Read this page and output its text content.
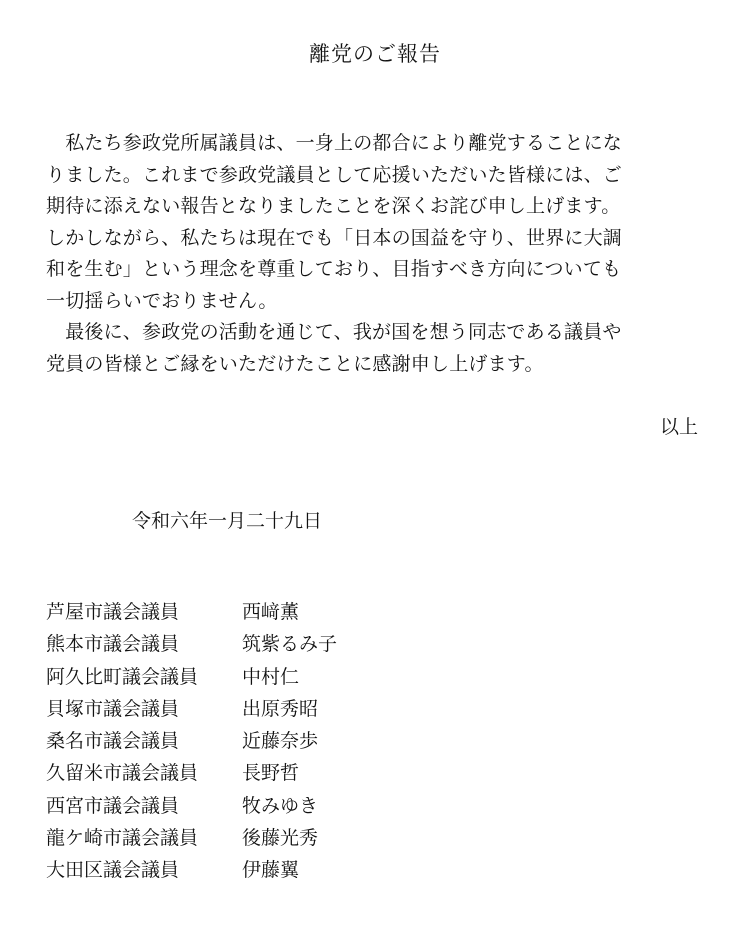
離党のご報告
　私たち参政党所属議員は、一身上の都合により離党することにな
りました。これまで参政党議員として応援いただいた皆様には、ご
期待に添えない報告となりましたことを深くお詫び申し上げます。
しかしながら、私たちは現在でも「日本の国益を守り、世界に大調
和を生む」という理念を尊重しており、目指すべき方向についても
一切揺らいでおりません。
　最後に、参政党の活動を通じて、我が国を想う同志である議員や
党員の皆様とご縁をいただけたことに感謝申し上げます。
以上
令和六年一月二十九日
芦屋市議会議員	西﨑薫
熊本市議会議員	筑紫るみ子
阿久比町議会議員	中村仁
貝塚市議会議員	出原秀昭
桑名市議会議員	近藤奈歩
久留米市議会議員	長野哲
西宮市議会議員	牧みゆき
龍ケ崎市議会議員	後藤光秀
大田区議会議員	伊藤翼
